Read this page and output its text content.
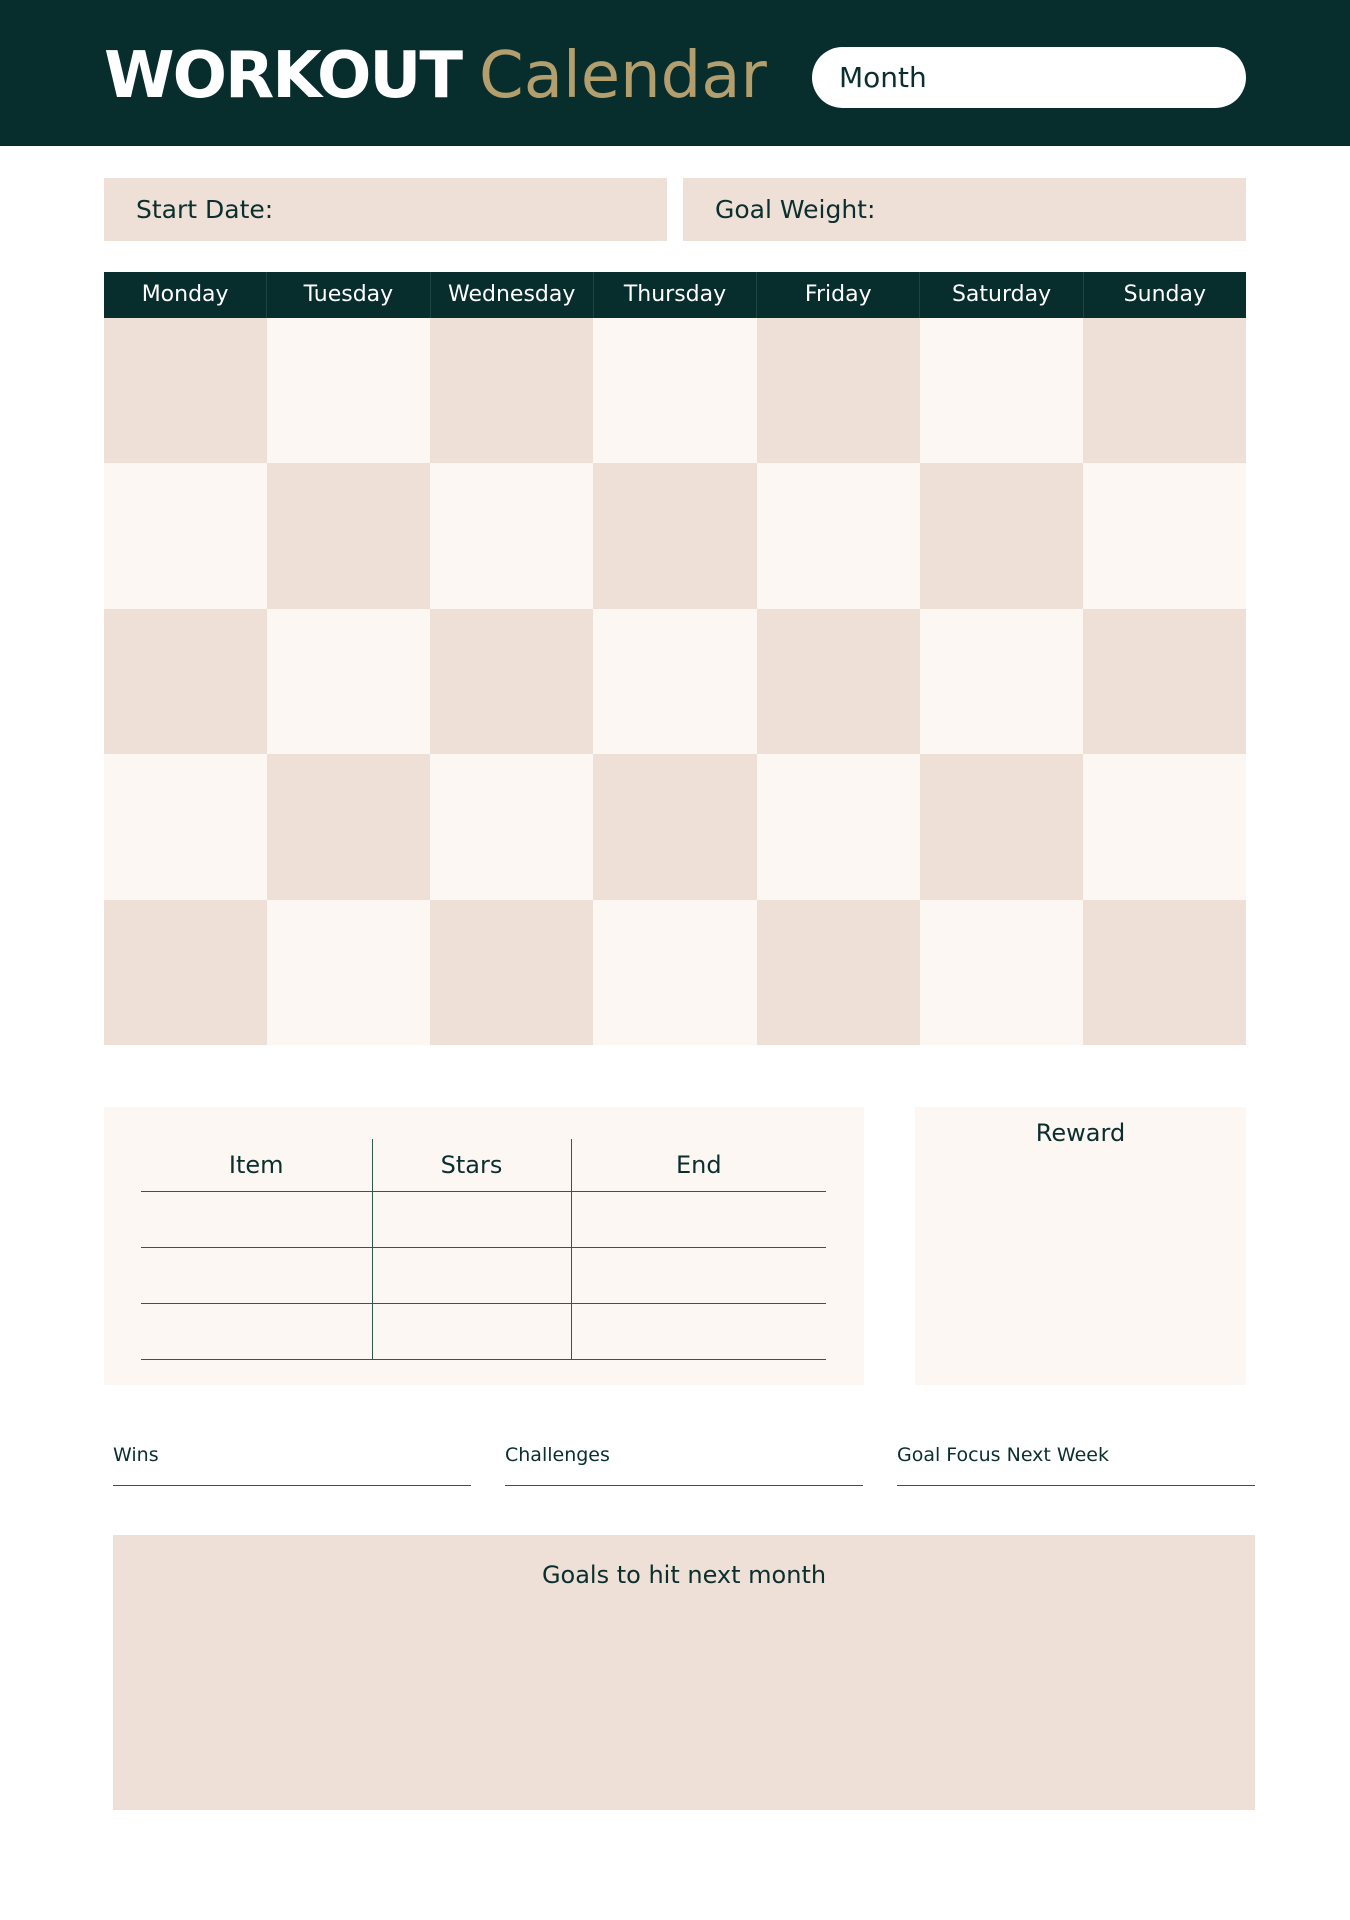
WORKOUT Calendar	Month
Start Date:	Goal Weight:
Monday	Tuesday	Wednesday	Thursday	Friday	Saturday	Sunday
Item	Stars	End

Reward
Wins	Challenges	Goal Focus Next Week
Goals to hit next month
